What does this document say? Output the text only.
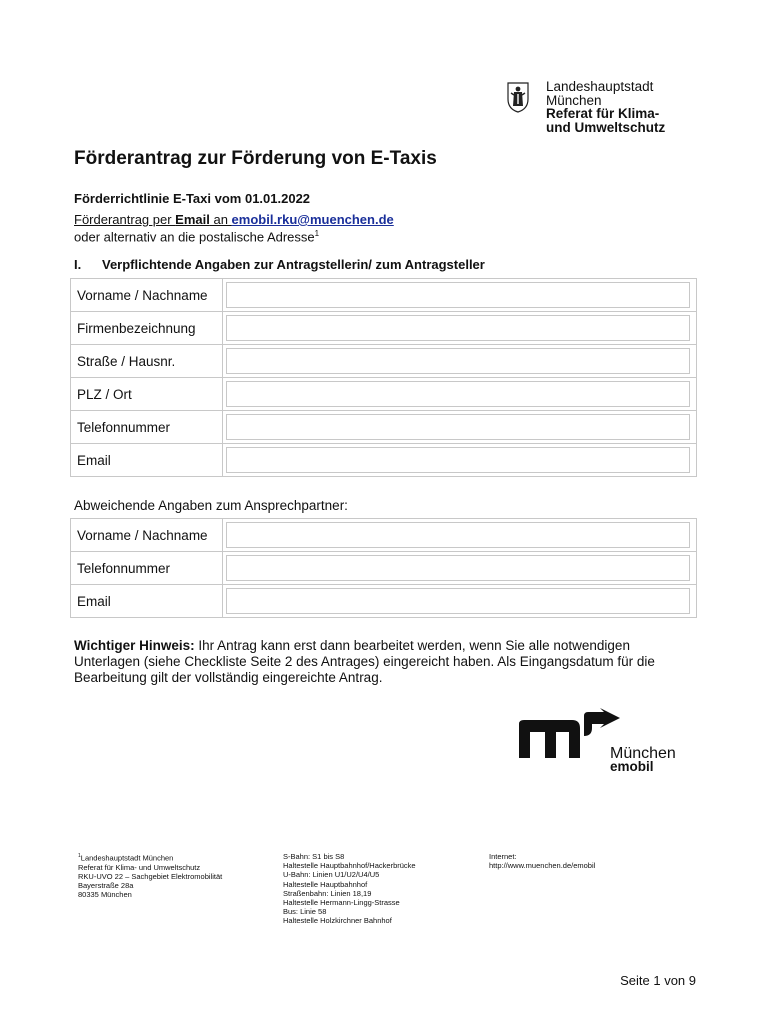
Landeshauptstadt
München
Referat für Klima-
und Umweltschutz
Förderantrag zur Förderung von E-Taxis
Förderrichtlinie E-Taxi vom 01.01.2022
Förderantrag per Email an emobil.rku@muenchen.de
oder alternativ an die postalische Adresse$^1$
I.	Verpflichtende Angaben zur Antragstellerin/ zum Antragsteller
Vorname / Nachname	
Firmenbezeichnung	
Straße / Hausnr.	
PLZ / Ort	
Telefonnummer	
Email	
Abweichende Angaben zum Ansprechpartner:
Vorname / Nachname	
Telefonnummer	
Email	
Wichtiger Hinweis: Ihr Antrag kann erst dann bearbeitet werden, wenn Sie alle notwendigen Unterlagen (siehe Checkliste Seite 2 des Antrages) eingereicht haben. Als Eingangsdatum für die Bearbeitung gilt der vollständig eingereichte Antrag.
München
emobil
$^1$Landeshauptstadt München
Referat für Klima- und Umweltschutz
RKU-UVO 22 – Sachgebiet Elektromobilität
Bayerstraße 28a
80335 München
S-Bahn: S1 bis S8
Haltestelle Hauptbahnhof/Hackerbrücke
U-Bahn: Linien U1/U2/U4/U5
Haltestelle Hauptbahnhof
Straßenbahn: Linien 18,19
Haltestelle Hermann-Lingg-Strasse
Bus: Linie 58
Haltestelle Holzkirchner Bahnhof
Internet:
http://www.muenchen.de/emobil
Seite 1 von 9
